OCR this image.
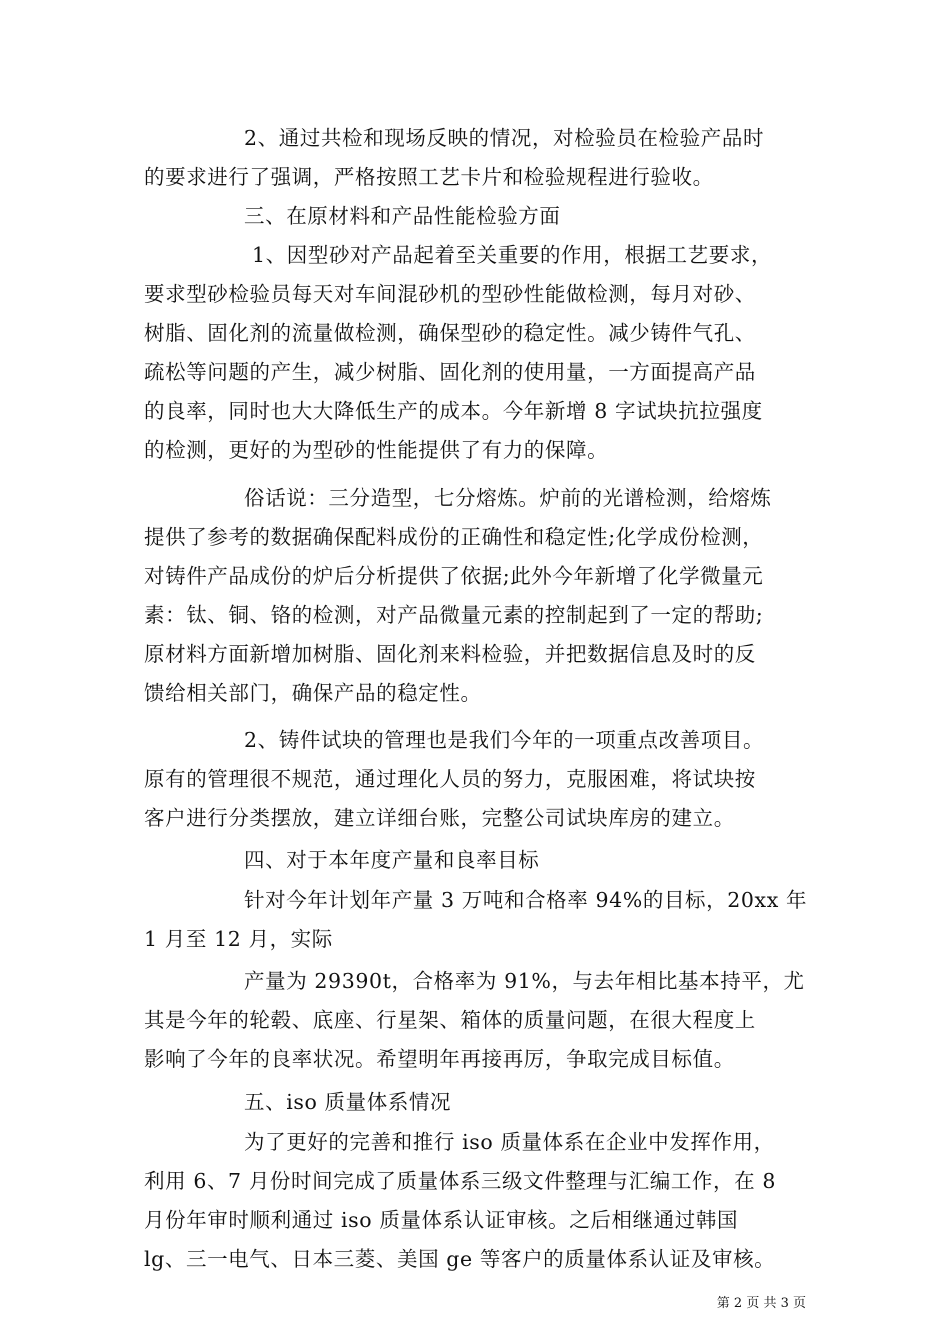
2、通过共检和现场反映的情况，对检验员在检验产品时
的要求进行了强调，严格按照工艺卡片和检验规程进行验收。
三、在原材料和产品性能检验方面
1、因型砂对产品起着至关重要的作用，根据工艺要求，
要求型砂检验员每天对车间混砂机的型砂性能做检测，每月对砂、
树脂、固化剂的流量做检测，确保型砂的稳定性。减少铸件气孔、
疏松等问题的产生，减少树脂、固化剂的使用量，一方面提高产品
的良率，同时也大大降低生产的成本。今年新增 8 字试块抗拉强度
的检测，更好的为型砂的性能提供了有力的保障。
俗话说：三分造型，七分熔炼。炉前的光谱检测，给熔炼
提供了参考的数据确保配料成份的正确性和稳定性;化学成份检测，
对铸件产品成份的炉后分析提供了依据;此外今年新增了化学微量元
素：钛、铜、铬的检测，对产品微量元素的控制起到了一定的帮助;
原材料方面新增加树脂、固化剂来料检验，并把数据信息及时的反
馈给相关部门，确保产品的稳定性。
2、铸件试块的管理也是我们今年的一项重点改善项目。
原有的管理很不规范，通过理化人员的努力，克服困难，将试块按
客户进行分类摆放，建立详细台账，完整公司试块库房的建立。
四、对于本年度产量和良率目标
针对今年计划年产量 3 万吨和合格率 94%的目标，20xx 年
1 月至 12 月，实际
产量为 29390t，合格率为 91%，与去年相比基本持平，尤
其是今年的轮毂、底座、行星架、箱体的质量问题，在很大程度上
影响了今年的良率状况。希望明年再接再厉，争取完成目标值。
五、iso 质量体系情况
为了更好的完善和推行 iso 质量体系在企业中发挥作用，
利用 6、7 月份时间完成了质量体系三级文件整理与汇编工作，在 8
月份年审时顺利通过 iso 质量体系认证审核。之后相继通过韩国
lg、三一电气、日本三菱、美国 ge 等客户的质量体系认证及审核。
第 2 页 共 3 页
